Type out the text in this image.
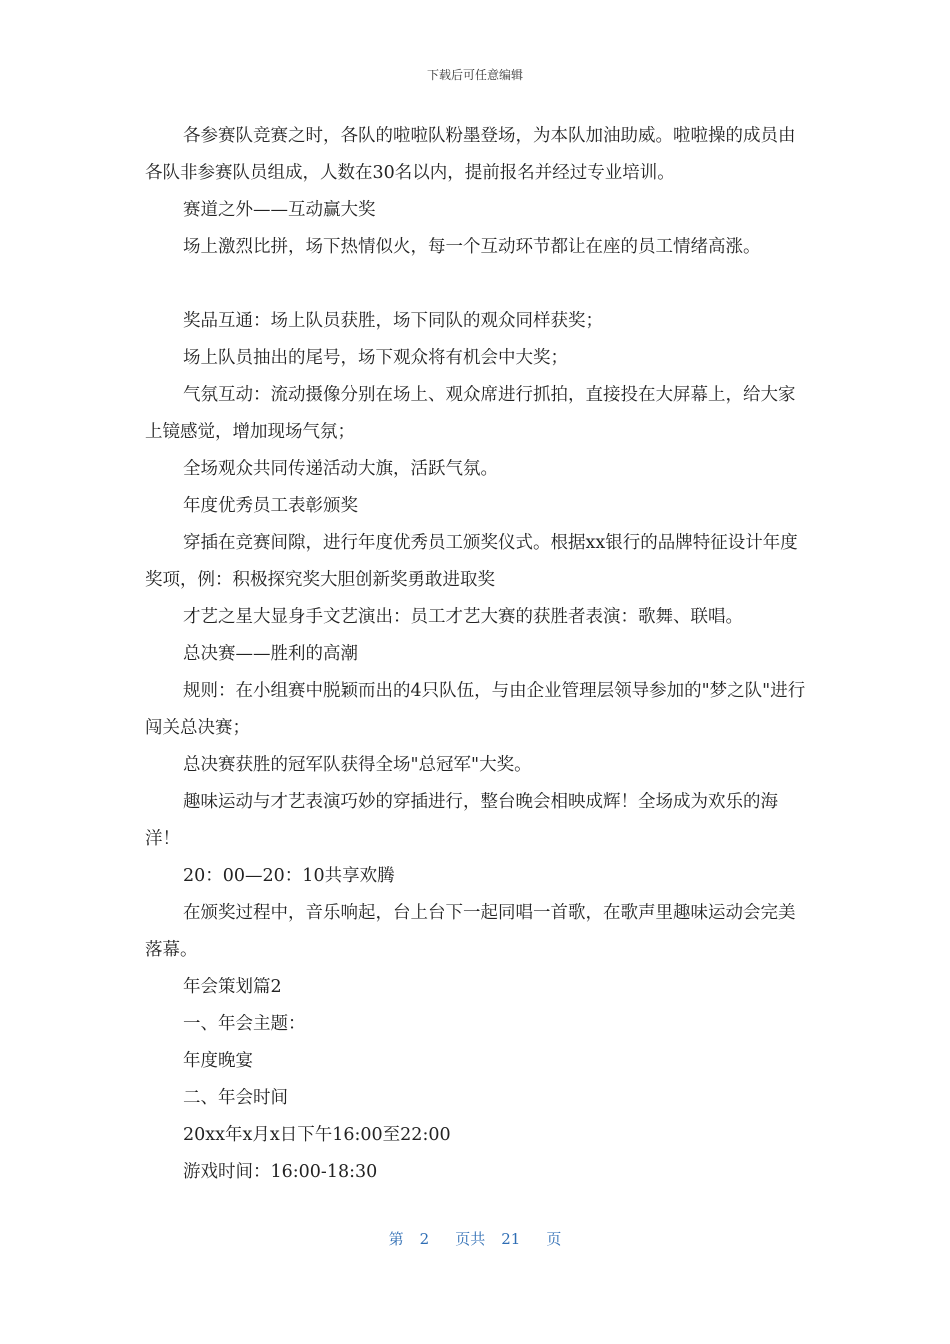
下载后可任意编辑

各参赛队竞赛之时，各队的啦啦队粉墨登场，为本队加油助威。啦啦操的成员由各队非参赛队员组成，人数在30名以内，提前报名并经过专业培训。

赛道之外——互动赢大奖

场上激烈比拼，场下热情似火，每一个互动环节都让在座的员工情绪高涨。

奖品互通：场上队员获胜，场下同队的观众同样获奖；

场上队员抽出的尾号，场下观众将有机会中大奖；

气氛互动：流动摄像分别在场上、观众席进行抓拍，直接投在大屏幕上，给大家上镜感觉，增加现场气氛；

全场观众共同传递活动大旗，活跃气氛。

年度优秀员工表彰颁奖

穿插在竞赛间隙，进行年度优秀员工颁奖仪式。根据xx银行的品牌特征设计年度奖项，例：积极探究奖大胆创新奖勇敢进取奖

才艺之星大显身手文艺演出：员工才艺大赛的获胜者表演：歌舞、联唱。

总决赛——胜利的高潮

规则：在小组赛中脱颖而出的4只队伍，与由企业管理层领导参加的"梦之队"进行闯关总决赛；

总决赛获胜的冠军队获得全场"总冠军"大奖。

趣味运动与才艺表演巧妙的穿插进行，整台晚会相映成辉！全场成为欢乐的海洋！

20：00—20：10共享欢腾

在颁奖过程中，音乐响起，台上台下一起同唱一首歌，在歌声里趣味运动会完美落幕。

年会策划篇2

一、年会主题：

年度晚宴

二、年会时间

20xx年x月x日下午16:00至22:00

游戏时间：16:00-18:30

第 2 页共 21 页
